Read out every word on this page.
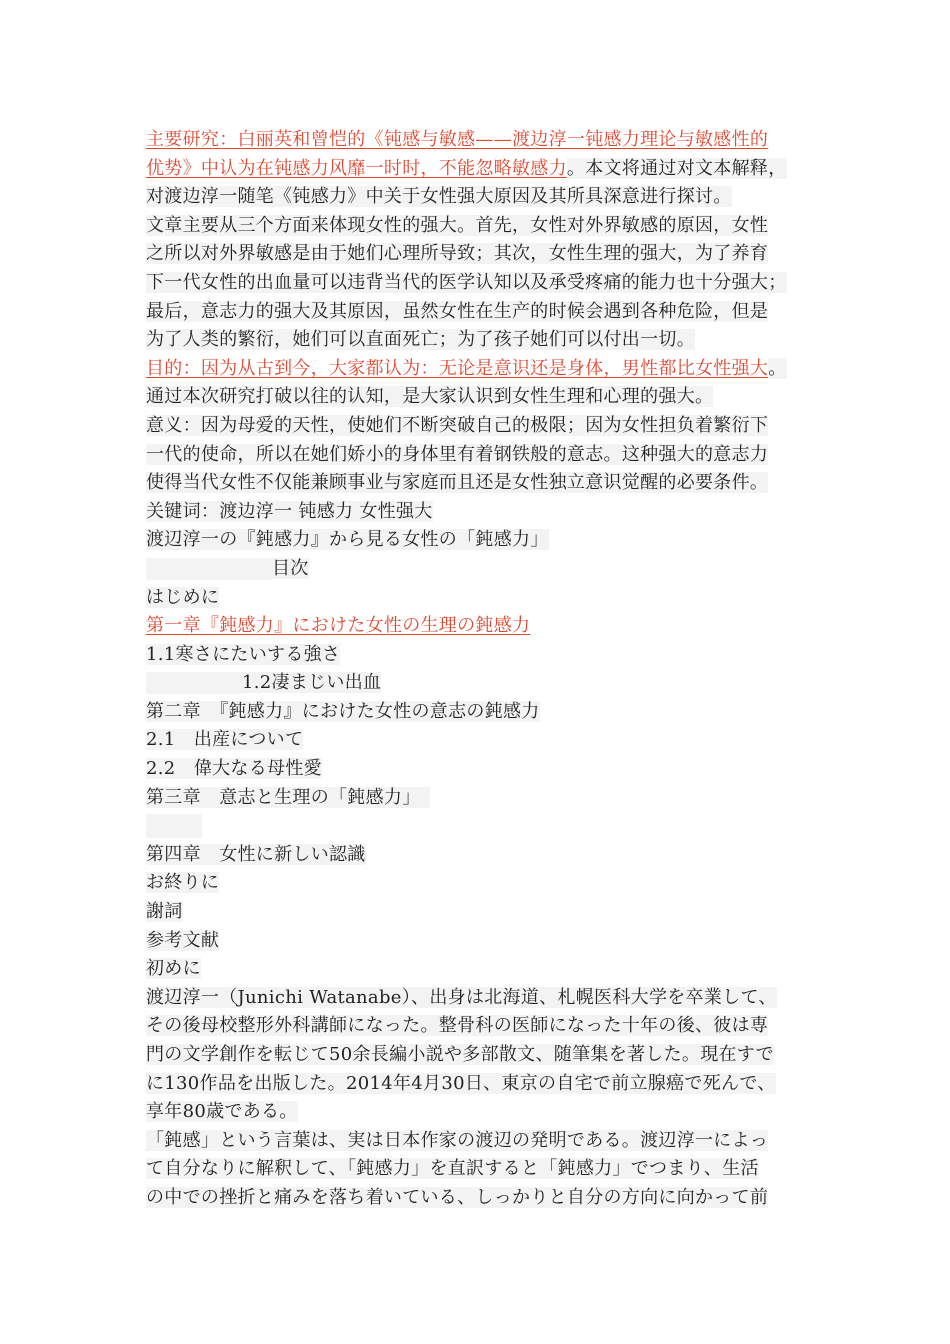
主要研究：白丽英和曾恺的《钝感与敏感——渡边淳一钝感力理论与敏感性的
优势》中认为在钝感力风靡一时时，不能忽略敏感力。本文将通过对文本解释，
对渡边淳一随笔《钝感力》中关于女性强大原因及其所具深意进行探讨。
文章主要从三个方面来体现女性的强大。首先，女性对外界敏感的原因，女性
之所以对外界敏感是由于她们心理所导致；其次，女性生理的强大，为了养育
下一代女性的出血量可以违背当代的医学认知以及承受疼痛的能力也十分强大；
最后，意志力的强大及其原因，虽然女性在生产的时候会遇到各种危险，但是
为了人类的繁衍，她们可以直面死亡；为了孩子她们可以付出一切。
目的：因为从古到今，大家都认为：无论是意识还是身体，男性都比女性强大。
通过本次研究打破以往的认知，是大家认识到女性生理和心理的强大。
意义：因为母爱的天性，使她们不断突破自己的极限；因为女性担负着繁衍下
一代的使命，所以在她们娇小的身体里有着钢铁般的意志。这种强大的意志力
使得当代女性不仅能兼顾事业与家庭而且还是女性独立意识觉醒的必要条件。
关键词：渡边淳一 钝感力 女性强大
渡辺淳一の『鈍感力』から見る女性の「鈍感力」
目次
はじめに
第一章『鈍感力』におけた女性の生理の鈍感力
1.1寒さにたいする強さ
1.2凄まじい出血
第二章　『鈍感力』におけた女性の意志の鈍感力
2.1　出産について
2.2　偉大なる母性愛
第三章　意志と生理の「鈍感力」　
第四章　女性に新しい認識
お終りに
謝詞
参考文献
初めに
渡辺淳一（Junichi Watanabe）、出身は北海道、札幌医科大学を卒業して、
その後母校整形外科講師になった。整骨科の医師になった十年の後、彼は専
門の文学創作を転じて50余長編小説や多部散文、随筆集を著した。現在すで
に130作品を出版した。2014年4月30日、東京の自宅で前立腺癌で死んで、
享年80歳である。
「鈍感」という言葉は、実は日本作家の渡辺の発明である。渡辺淳一によっ
て自分なりに解釈して、「鈍感力」を直訳すると「鈍感力」でつまり、生活
の中での挫折と痛みを落ち着いている、しっかりと自分の方向に向かって前
